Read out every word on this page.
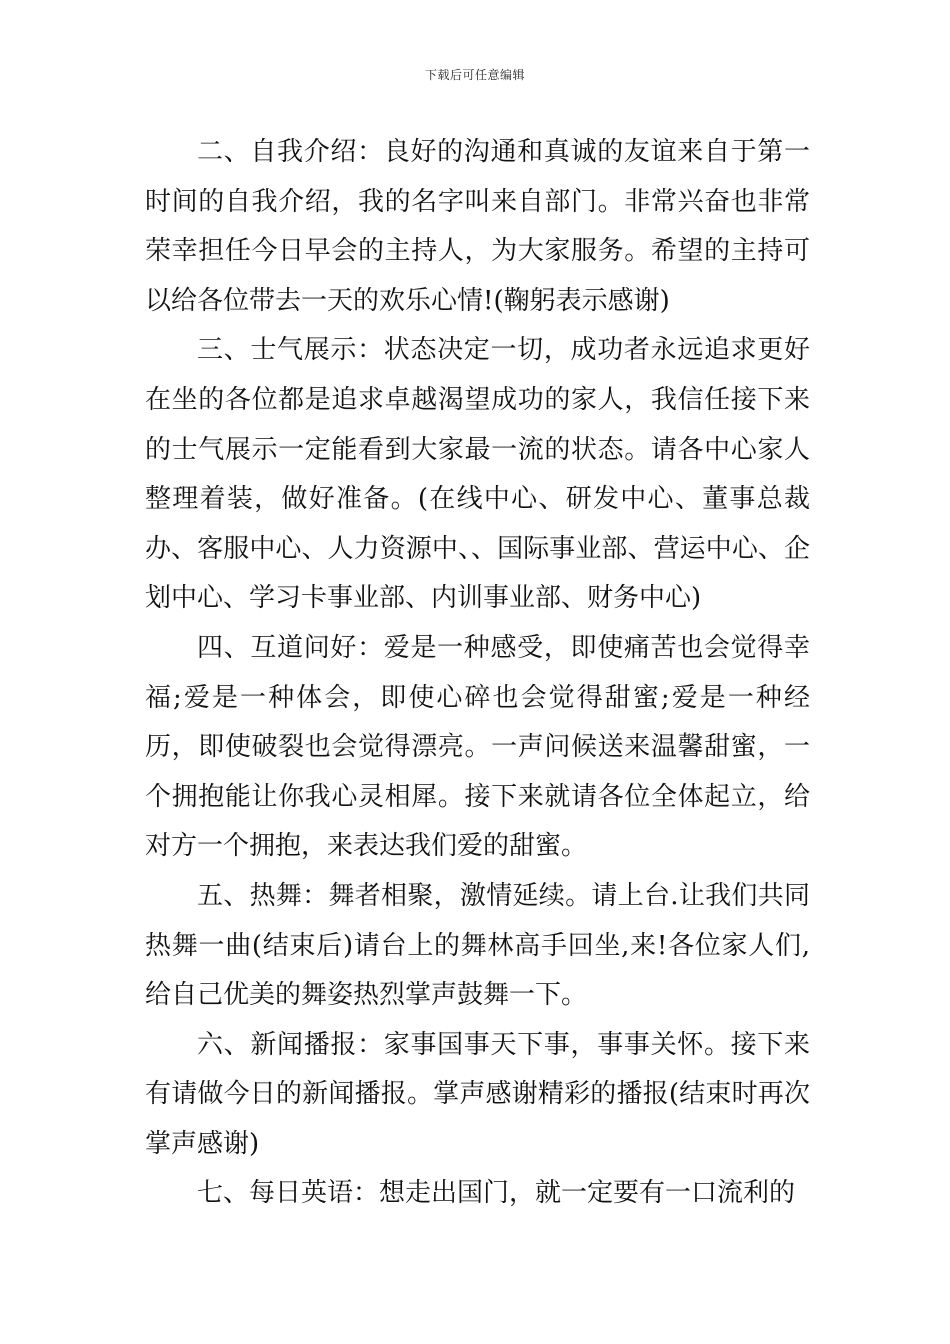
下载后可任意编辑

二、自我介绍：良好的沟通和真诚的友谊来自于第一时间的自我介绍，我的名字叫来自部门。非常兴奋也非常荣幸担任今日早会的主持人，为大家服务。希望的主持可以给各位带去一天的欢乐心情!(鞠躬表示感谢)

三、士气展示：状态决定一切，成功者永远追求更好在坐的各位都是追求卓越渴望成功的家人，我信任接下来的士气展示一定能看到大家最一流的状态。请各中心家人整理着装，做好准备。(在线中心、研发中心、董事总裁办、客服中心、人力资源中、、国际事业部、营运中心、企划中心、学习卡事业部、内训事业部、财务中心)

四、互道问好：爱是一种感受，即使痛苦也会觉得幸福;爱是一种体会，即使心碎也会觉得甜蜜;爱是一种经历，即使破裂也会觉得漂亮。一声问候送来温馨甜蜜，一个拥抱能让你我心灵相犀。接下来就请各位全体起立，给对方一个拥抱，来表达我们爱的甜蜜。

五、热舞：舞者相聚，激情延续。请上台.让我们共同热舞一曲(结束后)请台上的舞林高手回坐,来!各位家人们,给自己优美的舞姿热烈掌声鼓舞一下。

六、新闻播报：家事国事天下事，事事关怀。接下来有请做今日的新闻播报。掌声感谢精彩的播报(结束时再次掌声感谢)

七、每日英语：想走出国门，就一定要有一口流利的
